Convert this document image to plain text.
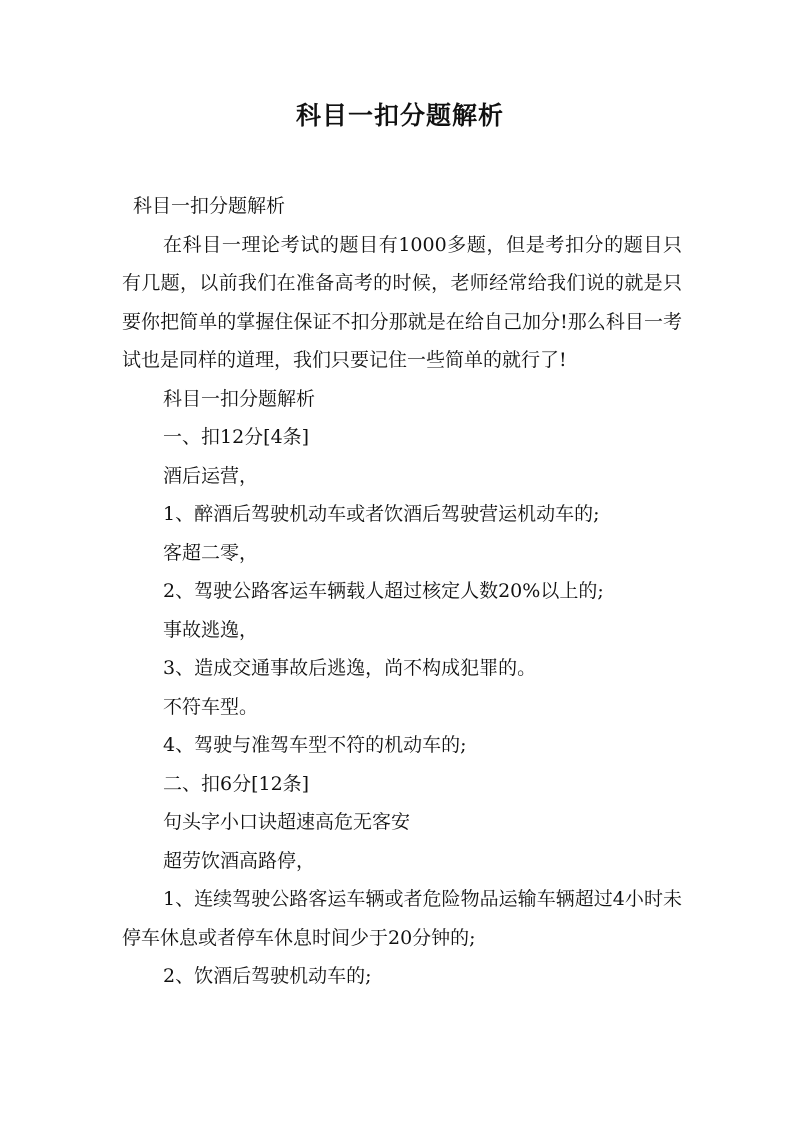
科目一扣分题解析

科目一扣分题解析

在科目一理论考试的题目有1000多题，但是考扣分的题目只有几题，以前我们在准备高考的时候，老师经常给我们说的就是只要你把简单的掌握住保证不扣分那就是在给自己加分!那么科目一考试也是同样的道理，我们只要记住一些简单的就行了!

科目一扣分题解析

一、扣12分[4条]

酒后运营，

1、醉酒后驾驶机动车或者饮酒后驾驶营运机动车的;

客超二零，

2、驾驶公路客运车辆载人超过核定人数20%以上的;

事故逃逸，

3、造成交通事故后逃逸，尚不构成犯罪的。

不符车型。

4、驾驶与准驾车型不符的机动车的;

二、扣6分[12条]

句头字小口诀超速高危无客安

超劳饮酒高路停，

1、连续驾驶公路客运车辆或者危险物品运输车辆超过4小时未停车休息或者停车休息时间少于20分钟的;

2、饮酒后驾驶机动车的;
